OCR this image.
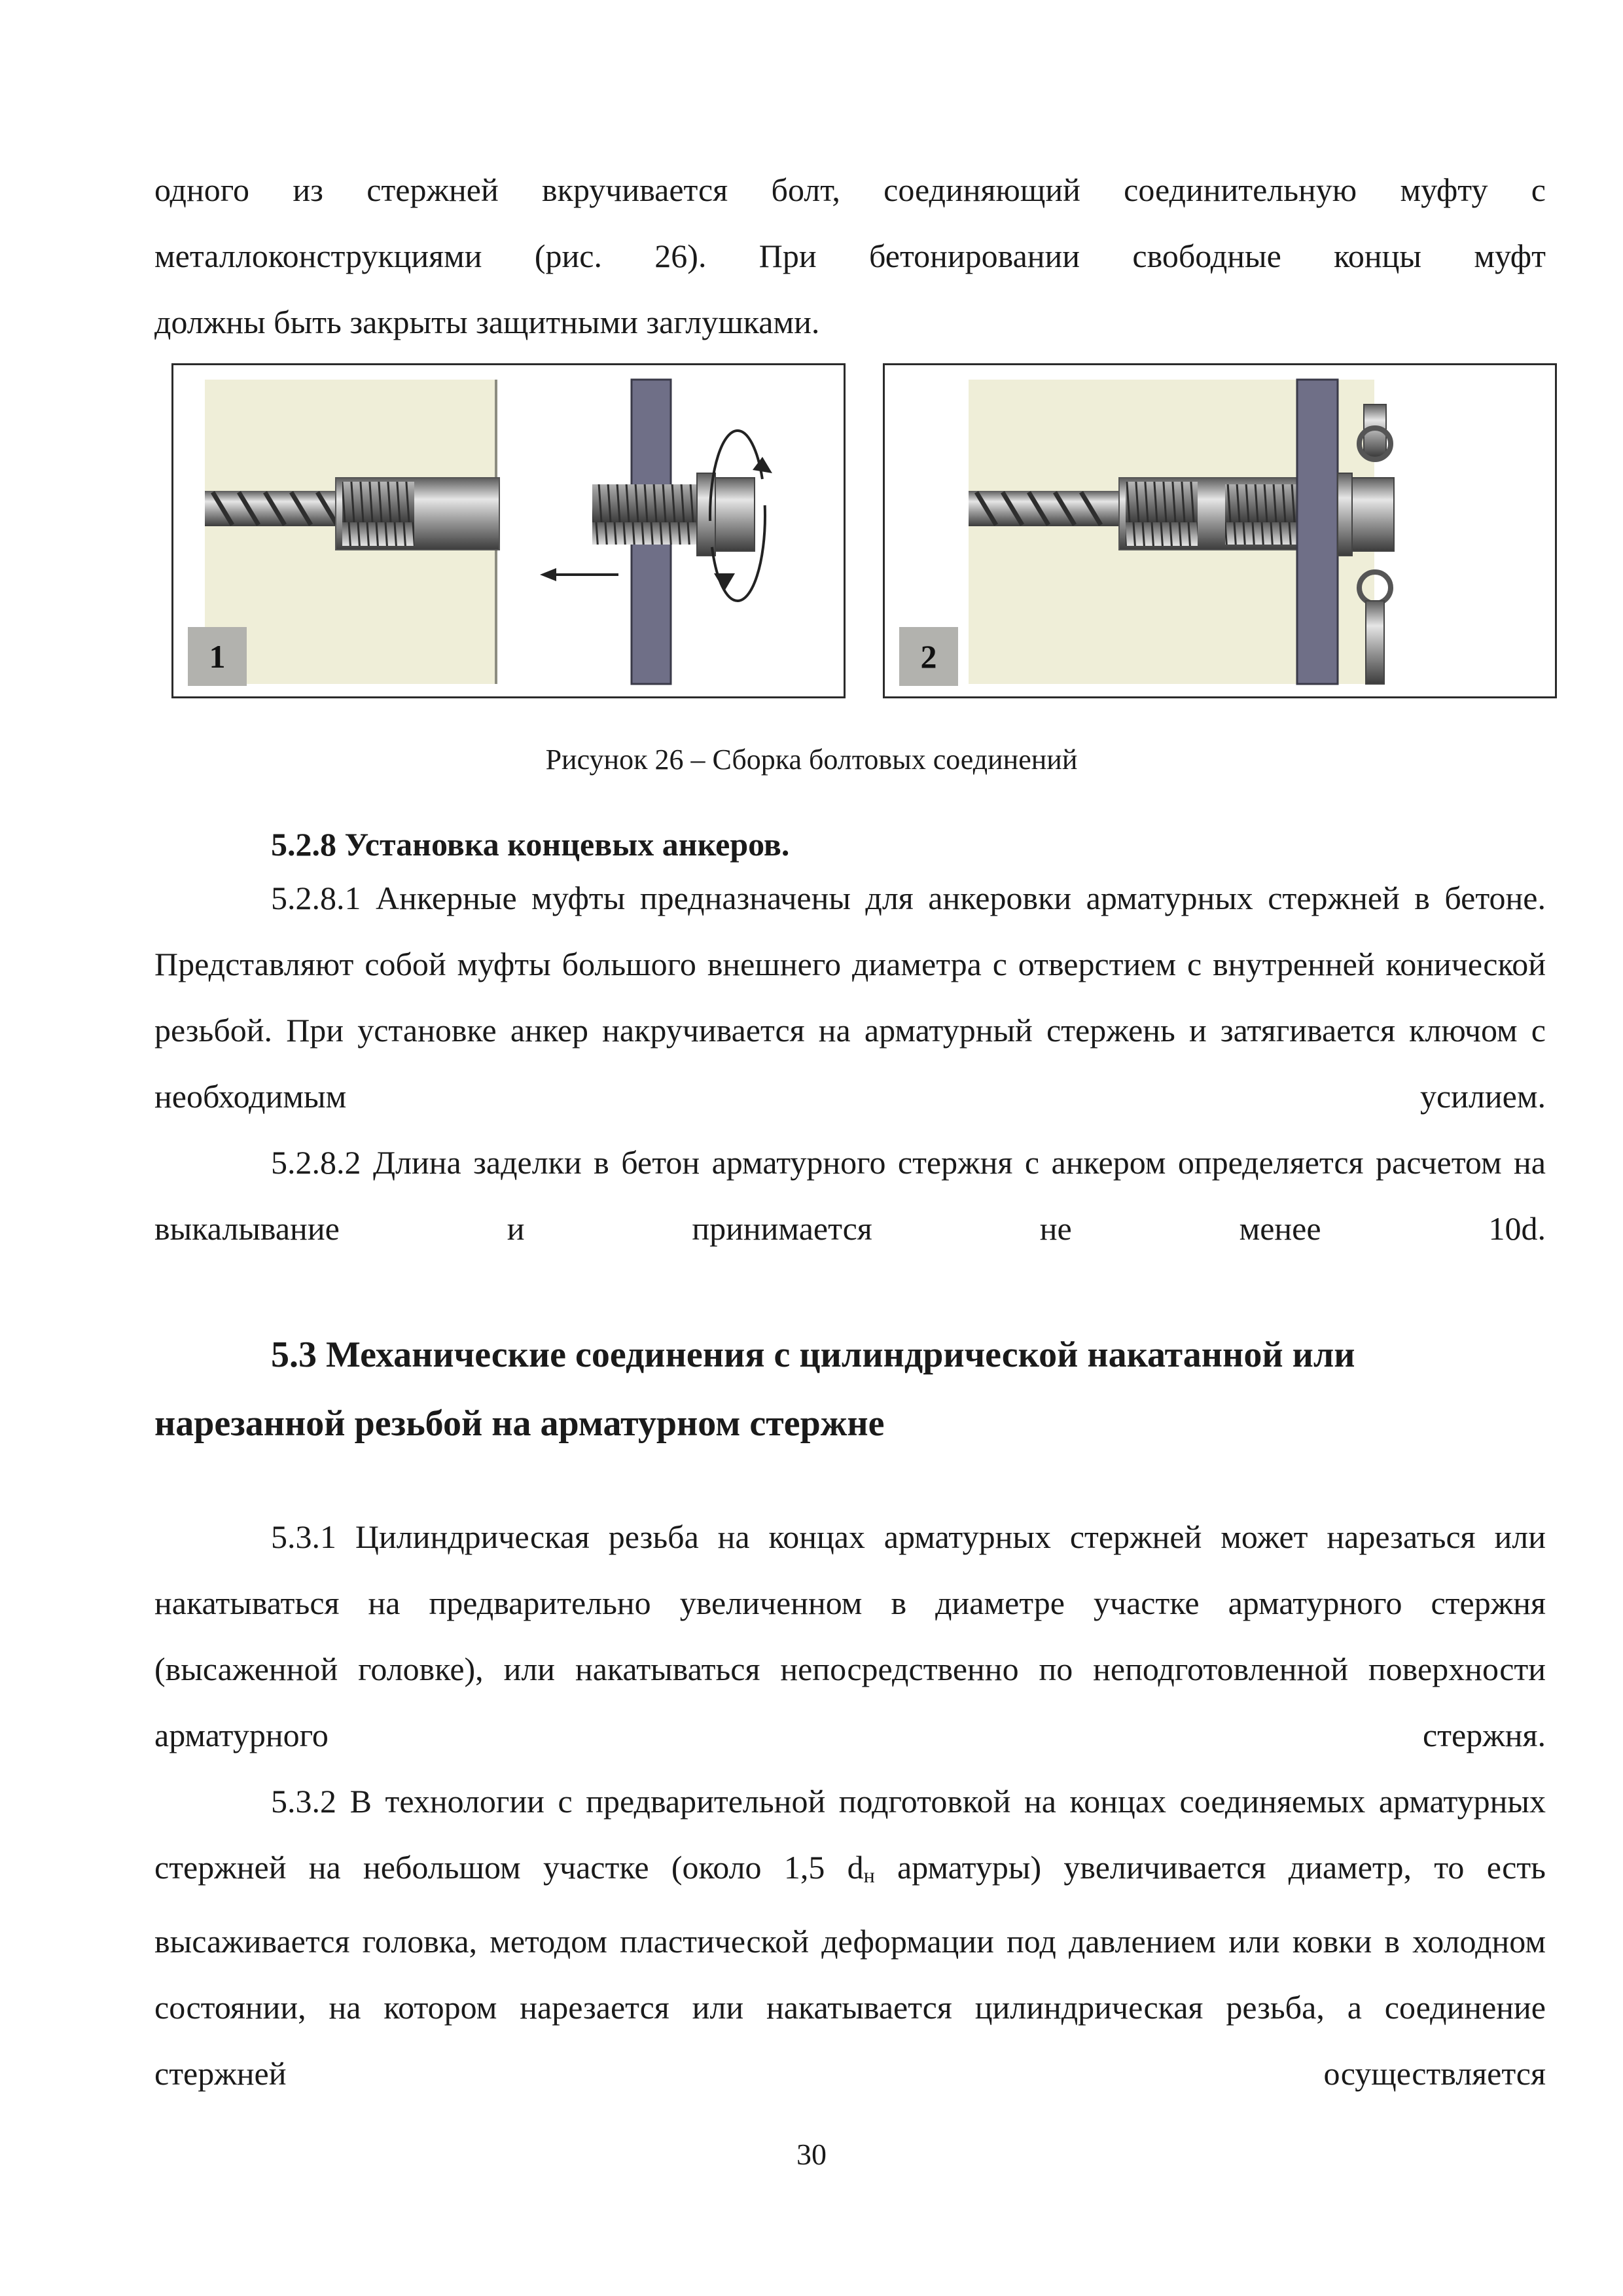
одного из стержней вкручивается болт, соединяющий соединительную муфту с

металлоконструкциями (рис. 26). При бетонировании свободные концы муфт

должны быть закрыты защитными заглушками.

1	2
Рисунок 26 – Сборка болтовых соединений
5.2.8 Установка концевых анкеров.

5.2.8.1 Анкерные муфты предназначены для анкеровки арматурных стержней в бетоне. Представляют собой муфты большого внешнего диаметра с отверстием с внутренней конической резьбой. При установке анкер накручивается на арматурный стержень и затягивается ключом с необходимым усилием.

5.2.8.2 Длина заделки в бетон арматурного стержня с анкером определяется расчетом на выкалывание и принимается не менее 10d.

5.3 Механические соединения с цилиндрической накатанной или нарезанной резьбой на арматурном стержне

5.3.1 Цилиндрическая резьба на концах арматурных стержней может нарезаться или накатываться на предварительно увеличенном в диаметре участке арматурного стержня (высаженной головке), или накатываться непосредственно по неподготовленной поверхности арматурного стержня.

5.3.2 В технологии с предварительной подготовкой на концах соединяемых арматурных стержней на небольшом участке (около 1,5 $d_н$ арматуры) увеличивается диаметр, то есть высаживается головка, методом пластической деформации под давлением или ковки в холодном состоянии, на котором нарезается или накатывается цилиндрическая резьба, а соединение стержней осуществляется

30
